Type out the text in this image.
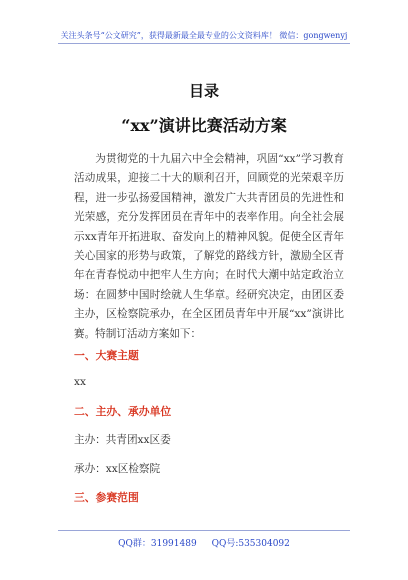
关注头条号“公文研究”，获得最新最全最专业的公文资料库！ 微信：gongwenyj
目录
“xx”演讲比赛活动方案

为贯彻党的十九届六中全会精神，巩固“xx”学习教育活动成果，迎接二十大的顺利召开，回顾党的光荣艰辛历程，进一步弘扬爱国精神，激发广大共青团员的先进性和光荣感，充分发挥团员在青年中的表率作用。向全社会展示xx青年开拓进取、奋发向上的精神风貌。促使全区青年关心国家的形势与政策，了解党的路线方针，激励全区青年在青春悦动中把牢人生方向；在时代大潮中站定政治立场：在圆梦中国时绘就人生华章。经研究决定，由团区委主办，区检察院承办，在全区团员青年中开展“xx”演讲比赛。特制订活动方案如下：

一、大赛主题
xx
二、主办、承办单位
主办：共青团xx区委
承办：xx区检察院
三、参赛范围
QQ群：31991489 QQ号:535304092
